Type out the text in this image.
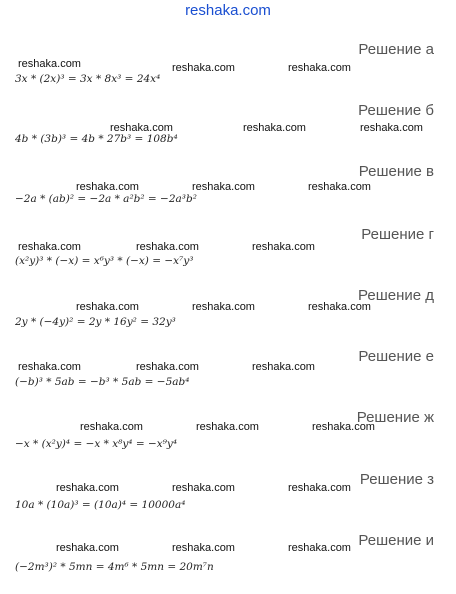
reshaka.com
Решение а
reshaka.com	reshaka.com	reshaka.com
3x * (2x)³ = 3x * 8x³ = 24x⁴
Решение б
reshaka.com	reshaka.com	reshaka.com
4b * (3b)³ = 4b * 27b³ = 108b⁴
Решение в
reshaka.com	reshaka.com	reshaka.com
−2a * (ab)² = −2a * a²b² = −2a³b²
Решение г
reshaka.com	reshaka.com	reshaka.com
(x²y)³ * (−x) = x⁶y³ * (−x) = −x⁷y³
Решение д
reshaka.com	reshaka.com	reshaka.com
2y * (−4y)² = 2y * 16y² = 32y³
Решение е
reshaka.com	reshaka.com	reshaka.com
(−b)³ * 5ab = −b³ * 5ab = −5ab⁴
Решение ж
reshaka.com	reshaka.com	reshaka.com
−x * (x²y)⁴ = −x * x⁸y⁴ = −x⁹y⁴
Решение з
reshaka.com	reshaka.com	reshaka.com
10a * (10a)³ = (10a)⁴ = 10000a⁴
Решение и
reshaka.com	reshaka.com	reshaka.com
(−2m³)² * 5mn = 4m⁶ * 5mn = 20m⁷n
